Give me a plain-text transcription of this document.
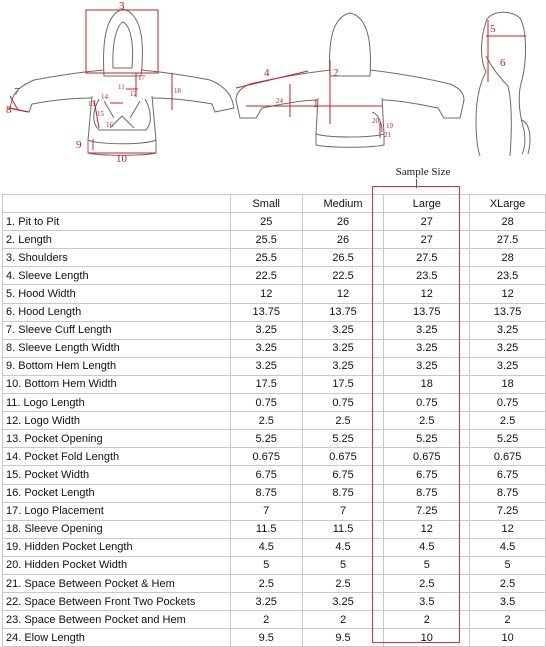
3
7
8	13
14
15
16
17
11
12	18
9
10
4
24
2
1
20
19
21
5
6
Sample Size
	Small	Medium	Large	XLarge
1. Pit to Pit	25	26	27	28
2. Length	25.5	26	27	27.5
3. Shoulders	25.5	26.5	27.5	28
4. Sleeve Length	22.5	22.5	23.5	23.5
5. Hood Width	12	12	12	12
6. Hood Length	13.75	13.75	13.75	13.75
7. Sleeve Cuff Length	3.25	3.25	3.25	3.25
8. Sleeve Length Width	3.25	3.25	3.25	3.25
9. Bottom Hem Length	3.25	3.25	3.25	3.25
10. Bottom Hem Width	17.5	17.5	18	18
11. Logo Length	0.75	0.75	0.75	0.75
12. Logo Width	2.5	2.5	2.5	2.5
13. Pocket Opening	5.25	5.25	5.25	5.25
14. Pocket Fold Length	0.675	0.675	0.675	0.675
15. Pocket Width	6.75	6.75	6.75	6.75
16. Pocket Length	8.75	8.75	8.75	8.75
17. Logo Placement	7	7	7.25	7.25
18. Sleeve Opening	11.5	11.5	12	12
19. Hidden Pocket Length	4.5	4.5	4.5	4.5
20. Hidden Pocket Width	5	5	5	5
21. Space Between Pocket & Hem	2.5	2.5	2.5	2.5
22. Space Between Front Two Pockets	3.25	3.25	3.5	3.5
23. Space Between Pocket and Hem	2	2	2	2
24. Elow Length	9.5	9.5	10	10
